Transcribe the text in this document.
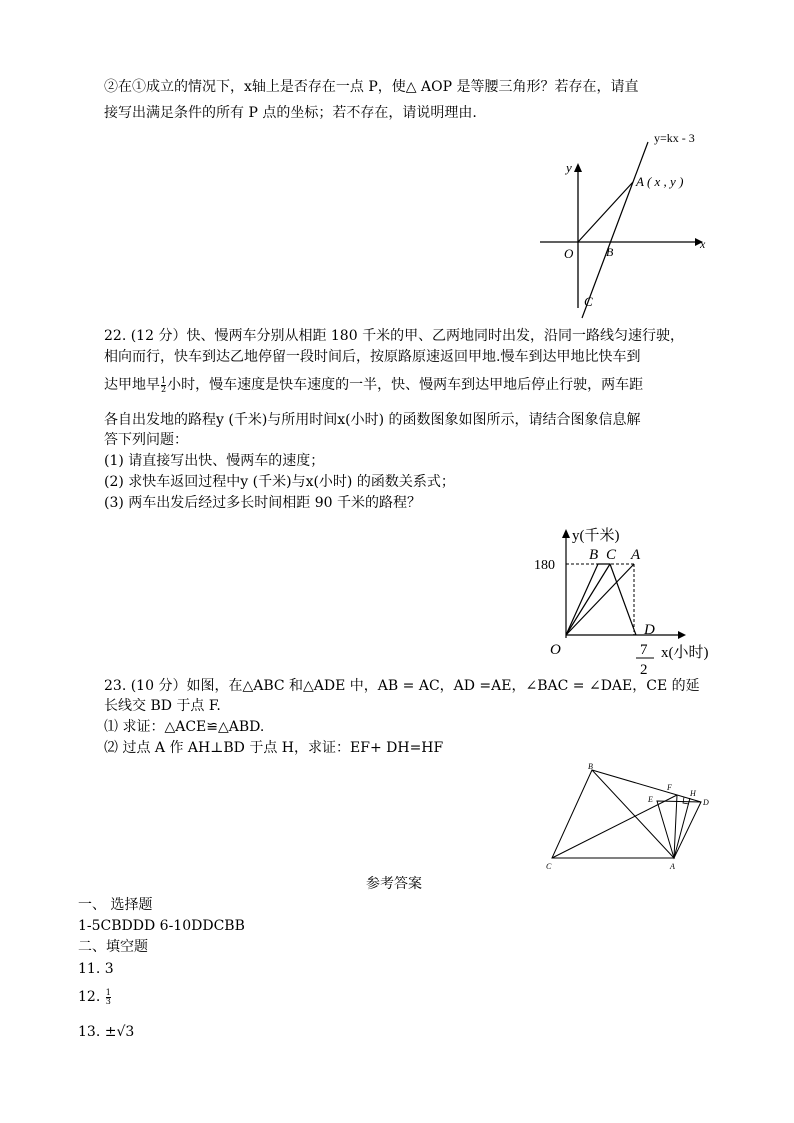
②在①成立的情况下，x轴上是否存在一点 P，使△ AOP 是等腰三角形？若存在，请直
接写出满足条件的所有 P 点的坐标；若不存在，请说明理由.
y=kx - 3
y
x
A ( x , y )
O	B
C
22. (12 分）快、慢两车分别从相距 180 千米的甲、乙两地同时出发，沿同一路线匀速行驶，
相向而行，快车到达乙地停留一段时间后，按原路原速返回甲地.慢车到达甲地比快车到
达甲地早 $\frac{1}{2}$ 小时，慢车速度是快车速度的一半，快、慢两车到达甲地后停止行驶，两车距
各自出发地的路程y (千米)与所用时间x(小时) 的函数图象如图所示，请结合图象信息解
答下列问题：
(1) 请直接写出快、慢两车的速度；
(2) 求快车返回过程中y (千米)与x(小时) 的函数关系式；
(3) 两车出发后经过多长时间相距 90 千米的路程？
y(千米)
180
B C A
D
O	7
2
x(小时)
23. (10 分）如图，在△ABC 和△ADE 中，AB = AC，AD =AE，∠BAC = ∠DAE，CE 的延
长线交 BD 于点 F.
⑴ 求证：△ACE≌△ABD.
⑵ 过点 A 作 AH⊥BD 于点 H，求证：EF+ DH=HF
B
F
H
E	D
C	A
参考答案
一、 选择题
1-5CBDDD 6-10DDCBB
二、填空题
11. 3
12. $\frac{1}{3}$
13. ±√3
